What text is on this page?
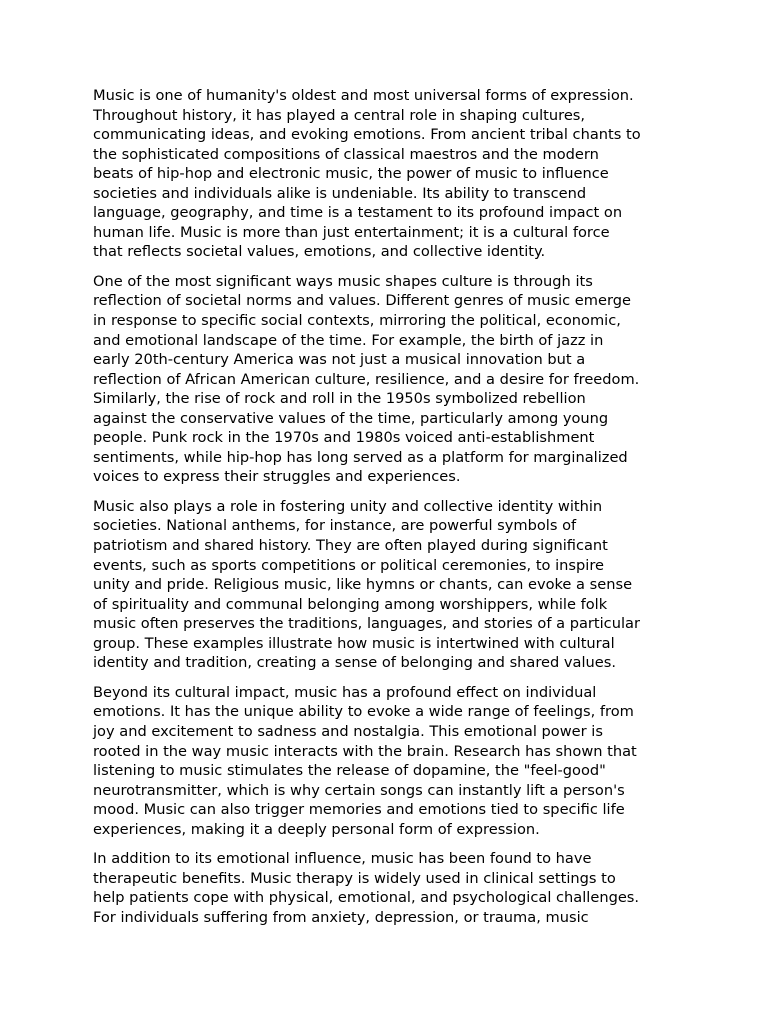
Music is one of humanity's oldest and most universal forms of expression.
Throughout history, it has played a central role in shaping cultures,
communicating ideas, and evoking emotions. From ancient tribal chants to
the sophisticated compositions of classical maestros and the modern
beats of hip-hop and electronic music, the power of music to influence
societies and individuals alike is undeniable. Its ability to transcend
language, geography, and time is a testament to its profound impact on
human life. Music is more than just entertainment; it is a cultural force
that reflects societal values, emotions, and collective identity.

One of the most significant ways music shapes culture is through its
reflection of societal norms and values. Different genres of music emerge
in response to specific social contexts, mirroring the political, economic,
and emotional landscape of the time. For example, the birth of jazz in
early 20th-century America was not just a musical innovation but a
reflection of African American culture, resilience, and a desire for freedom.
Similarly, the rise of rock and roll in the 1950s symbolized rebellion
against the conservative values of the time, particularly among young
people. Punk rock in the 1970s and 1980s voiced anti-establishment
sentiments, while hip-hop has long served as a platform for marginalized
voices to express their struggles and experiences.

Music also plays a role in fostering unity and collective identity within
societies. National anthems, for instance, are powerful symbols of
patriotism and shared history. They are often played during significant
events, such as sports competitions or political ceremonies, to inspire
unity and pride. Religious music, like hymns or chants, can evoke a sense
of spirituality and communal belonging among worshippers, while folk
music often preserves the traditions, languages, and stories of a particular
group. These examples illustrate how music is intertwined with cultural
identity and tradition, creating a sense of belonging and shared values.

Beyond its cultural impact, music has a profound effect on individual
emotions. It has the unique ability to evoke a wide range of feelings, from
joy and excitement to sadness and nostalgia. This emotional power is
rooted in the way music interacts with the brain. Research has shown that
listening to music stimulates the release of dopamine, the "feel-good"
neurotransmitter, which is why certain songs can instantly lift a person's
mood. Music can also trigger memories and emotions tied to specific life
experiences, making it a deeply personal form of expression.

In addition to its emotional influence, music has been found to have
therapeutic benefits. Music therapy is widely used in clinical settings to
help patients cope with physical, emotional, and psychological challenges.
For individuals suffering from anxiety, depression, or trauma, music
